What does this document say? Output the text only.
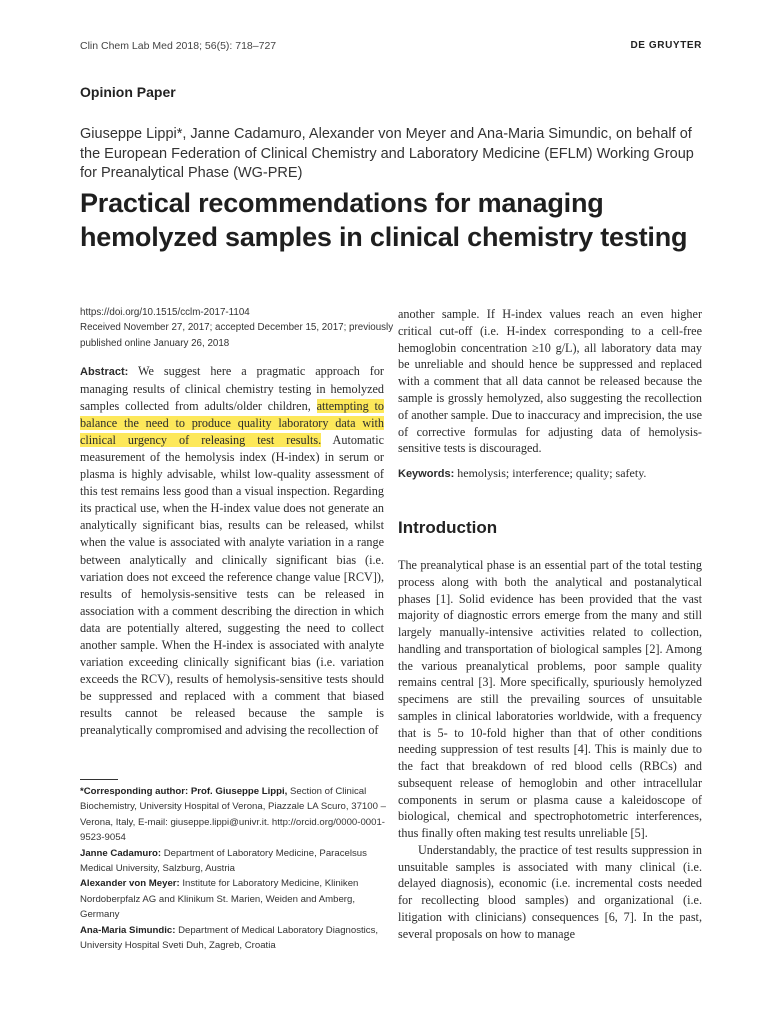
Clin Chem Lab Med 2018; 56(5): 718–727	DE GRUYTER
Opinion Paper
Giuseppe Lippi*, Janne Cadamuro, Alexander von Meyer and Ana-Maria Simundic, on behalf of the European Federation of Clinical Chemistry and Laboratory Medicine (EFLM) Working Group for Preanalytical Phase (WG-PRE)
Practical recommendations for managing hemolyzed samples in clinical chemistry testing
https://doi.org/10.1515/cclm-2017-1104
Received November 27, 2017; accepted December 15, 2017; previously
published online January 26, 2018
Abstract: We suggest here a pragmatic approach for managing results of clinical chemistry testing in hemolyzed samples collected from adults/older children, attempting to balance the need to produce quality laboratory data with clinical urgency of releasing test results. Automatic measurement of the hemolysis index (H-index) in serum or plasma is highly advisable, whilst low-quality assessment of this test remains less good than a visual inspection. Regarding its practical use, when the H-index value does not generate an analytically significant bias, results can be released, whilst when the value is associated with analyte variation in a range between analytically and clinically significant bias (i.e. variation does not exceed the reference change value [RCV]), results of hemolysis-sensitive tests can be released in association with a comment describing the direction in which data are potentially altered, suggesting the need to collect another sample. When the H-index is associated with analyte variation exceeding clinically significant bias (i.e. variation exceeds the RCV), results of hemolysis-sensitive tests should be suppressed and replaced with a comment that biased results cannot be released because the sample is preanalytically compromised and advising the recollection of

*Corresponding author: Prof. Giuseppe Lippi, Section of Clinical Biochemistry, University Hospital of Verona, Piazzale LA Scuro, 37100 – Verona, Italy, E-mail: giuseppe.lippi@univr.it. http://orcid.org/0000-0001-9523-9054

Janne Cadamuro: Department of Laboratory Medicine, Paracelsus Medical University, Salzburg, Austria

Alexander von Meyer: Institute for Laboratory Medicine, Kliniken Nordoberpfalz AG and Klinikum St. Marien, Weiden and Amberg, Germany

Ana-Maria Simundic: Department of Medical Laboratory Diagnostics, University Hospital Sveti Duh, Zagreb, Croatia

another sample. If H-index values reach an even higher critical cut-off (i.e. H-index corresponding to a cell-free hemoglobin concentration ≥10 g/L), all laboratory data may be unreliable and should hence be suppressed and replaced with a comment that all data cannot be released because the sample is grossly hemolyzed, also suggesting the recollection of another sample. Due to inaccuracy and imprecision, the use of corrective formulas for adjusting data of hemolysis-sensitive tests is discouraged.
Keywords: hemolysis; interference; quality; safety.
Introduction

The preanalytical phase is an essential part of the total testing process along with both the analytical and postanalytical phases [1]. Solid evidence has been provided that the vast majority of diagnostic errors emerge from the many and still largely manually-intensive activities related to collection, handling and transportation of biological samples [2]. Among the various preanalytical problems, poor sample quality remains central [3]. More specifically, spuriously hemolyzed specimens are still the prevailing sources of unsuitable samples in clinical laboratories worldwide, with a frequency that is 5- to 10-fold higher than that of other conditions needing suppression of test results [4]. This is mainly due to the fact that breakdown of red blood cells (RBCs) and subsequent release of hemoglobin and other intracellular components in serum or plasma cause a kaleidoscope of biological, chemical and spectrophotometric interferences, thus finally often making test results unreliable [5].

Understandably, the practice of test results suppression in unsuitable samples is associated with many clinical (i.e. delayed diagnosis), economic (i.e. incremental costs needed for recollecting blood samples) and organizational (i.e. litigation with clinicians) consequences [6, 7]. In the past, several proposals on how to manage
